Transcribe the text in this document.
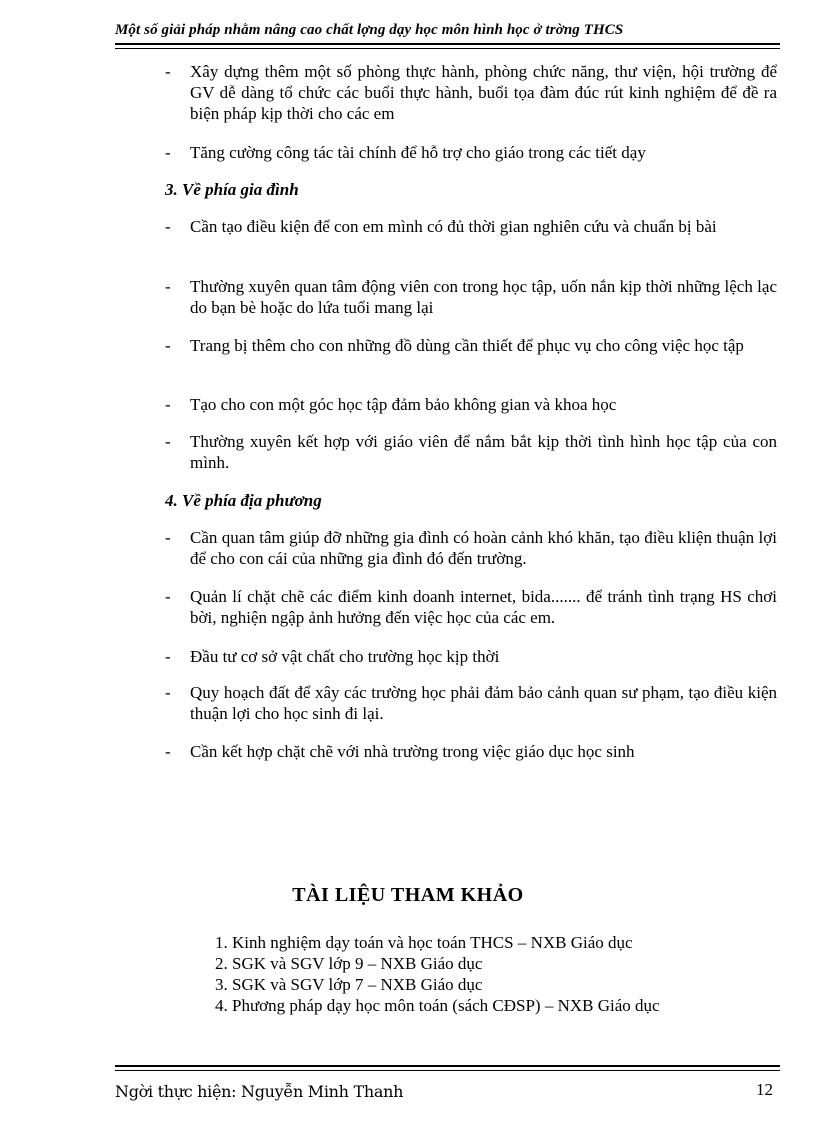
Một số giải pháp nhằm nâng cao chất lợng dạy học môn hình học ở trờng THCS
-	Xây dựng thêm một số phòng thực hành, phòng chức năng, thư viện, hội trường để GV dễ dàng tổ chức các buổi thực hành, buổi tọa đàm đúc rút kinh nghiệm để đề ra biện pháp kịp thời cho các em
-	Tăng cường công tác tài chính để hỗ trợ cho giáo trong các tiết dạy
3. Về phía gia đình
-	Cần tạo điều kiện để con em mình có đủ thời gian nghiên cứu và chuẩn bị bài
-	Thường xuyên quan tâm động viên con trong học tập, uốn nắn kịp thời những lệch lạc do bạn bè hoặc do lứa tuổi mang lại
-	Trang bị thêm cho con những đồ dùng cần thiết để phục vụ cho công việc học tập
-	Tạo cho con một góc học tập đảm bảo không gian và khoa học
-	Thường xuyên kết hợp với giáo viên để nắm bắt kịp thời tình hình học tập của con mình.
4. Về phía địa phương
-	Cần quan tâm giúp đỡ những gia đình có hoàn cảnh khó khăn, tạo điều kliện thuận lợi để cho con cái của những gia đình đó đến trường.
-	Quản lí chặt chẽ các điểm kinh doanh internet, bida....... để tránh tình trạng HS chơi bời, nghiện ngập ảnh hưởng đến việc học của các em.
-	Đầu tư cơ sở vật chất cho trường học kịp thời
-	Quy hoạch đất để xây các trường học phải đảm bảo cảnh quan sư phạm, tạo điều kiện thuận lợi cho học sinh đi lại.
-	Cần kết hợp chặt chẽ với nhà trường trong việc giáo dục học sinh
TÀI LIỆU THAM KHẢO
1. Kinh nghiệm dạy toán và học toán THCS – NXB Giáo dục
2. SGK và SGV lớp 9 – NXB Giáo dục
3. SGK và SGV lớp 7 – NXB Giáo dục
4. Phương pháp dạy học môn toán (sách CĐSP) – NXB Giáo dục
Ngời thực hiện: Nguyễn Minh Thanh	12
